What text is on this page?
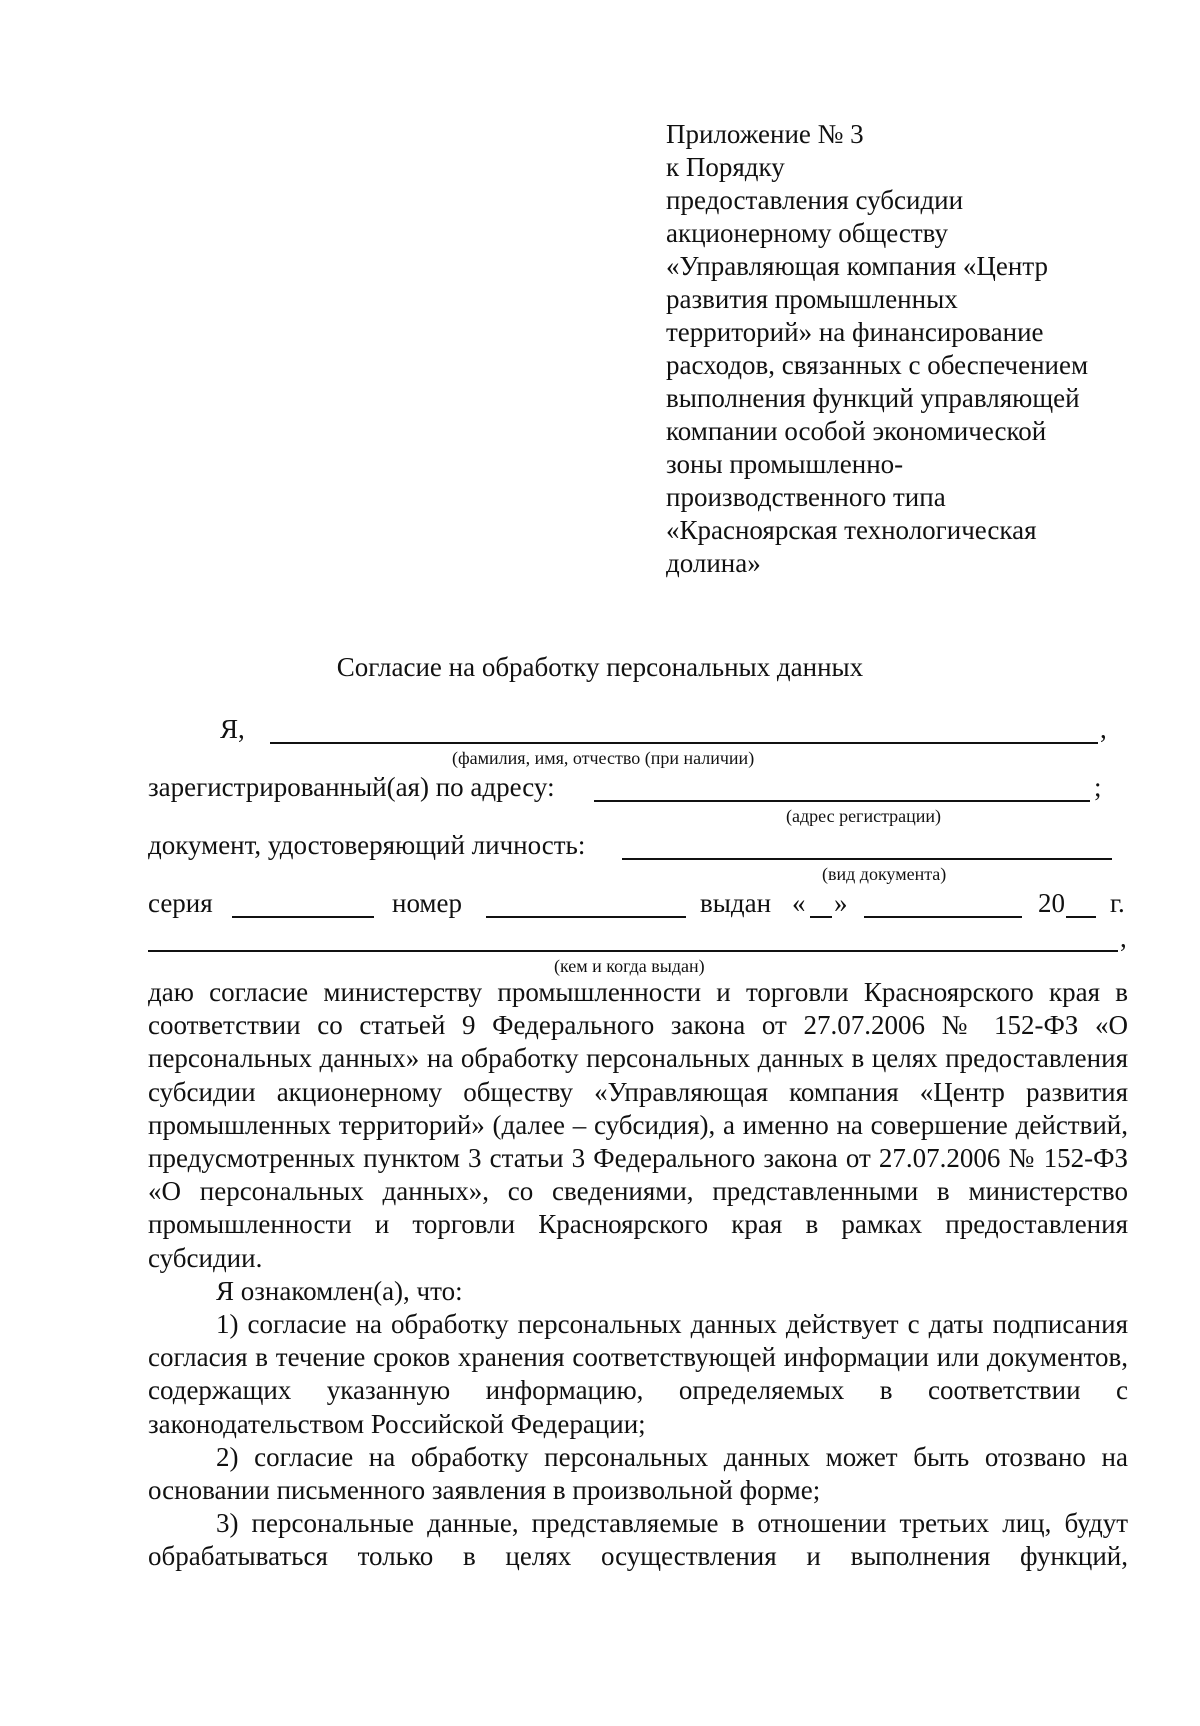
Приложение № 3
к Порядку
предоставления субсидии
акционерному обществу
«Управляющая компания «Центр
развития промышленных
территорий» на финансирование
расходов, связанных с обеспечением
выполнения функций управляющей
компании особой экономической
зоны промышленно-
производственного типа
«Красноярская технологическая
долина»
Согласие на обработку персональных данных
Я,	,
(фамилия, имя, отчество (при наличии)
зарегистрированный(ая) по адресу:	;
(адрес регистрации)
документ, удостоверяющий личность:
(вид документа)
серия	номер	выдан « »	20 г.
,
(кем и когда выдан)

даю согласие министерству промышленности и торговли Красноярского края в соответствии со статьей 9 Федерального закона от 27.07.2006 № 152-ФЗ «О персональных данных» на обработку персональных данных в целях предоставления субсидии акционерному обществу «Управляющая компания «Центр развития промышленных территорий» (далее – субсидия), а именно на совершение действий, предусмотренных пунктом 3 статьи 3 Федерального закона от 27.07.2006 № 152-ФЗ «О персональных данных», со сведениями, представленными в министерство промышленности и торговли Красноярского края в рамках предоставления субсидии.

Я ознакомлен(а), что:

1) согласие на обработку персональных данных действует с даты подписания согласия в течение сроков хранения соответствующей информации или документов, содержащих указанную информацию, определяемых в соответствии с законодательством Российской Федерации;

2) согласие на обработку персональных данных может быть отозвано на основании письменного заявления в произвольной форме;

3) персональные данные, представляемые в отношении третьих лиц, будут обрабатываться только в целях осуществления и выполнения функций,
